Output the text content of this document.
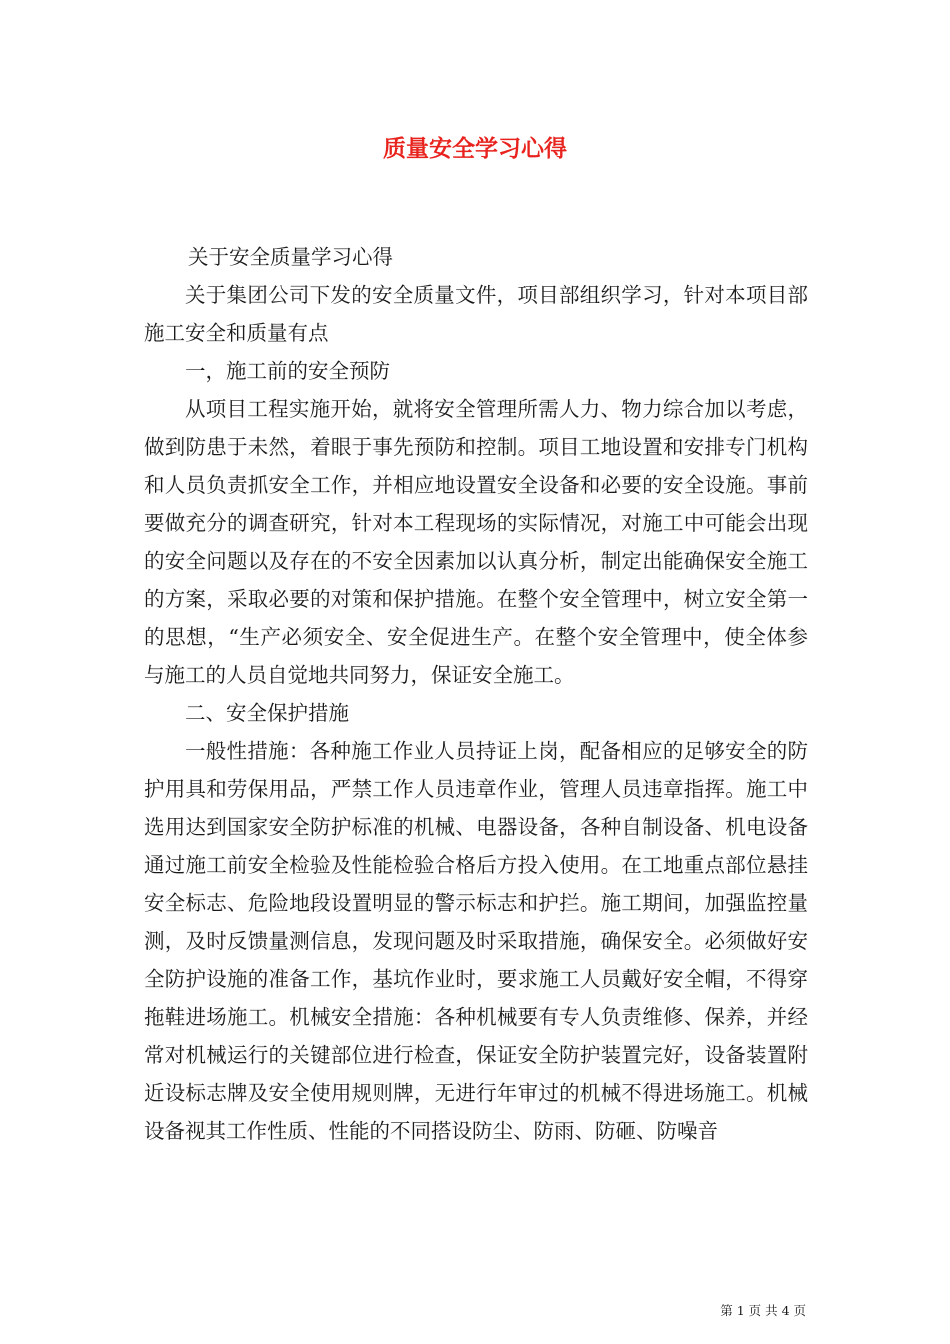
质量安全学习心得

关于安全质量学习心得

关于集团公司下发的安全质量文件，项目部组织学习，针对本项目部施工安全和质量有点

一，施工前的安全预防

从项目工程实施开始，就将安全管理所需人力、物力综合加以考虑，做到防患于未然，着眼于事先预防和控制。项目工地设置和安排专门机构和人员负责抓安全工作，并相应地设置安全设备和必要的安全设施。事前要做充分的调查研究，针对本工程现场的实际情况，对施工中可能会出现的安全问题以及存在的不安全因素加以认真分析，制定出能确保安全施工的方案，采取必要的对策和保护措施。在整个安全管理中，树立安全第一的思想，“生产必须安全、安全促进生产。在整个安全管理中，使全体参与施工的人员自觉地共同努力，保证安全施工。

二、安全保护措施

一般性措施：各种施工作业人员持证上岗，配备相应的足够安全的防护用具和劳保用品，严禁工作人员违章作业，管理人员违章指挥。施工中选用达到国家安全防护标准的机械、电器设备，各种自制设备、机电设备通过施工前安全检验及性能检验合格后方投入使用。在工地重点部位悬挂安全标志、危险地段设置明显的警示标志和护拦。施工期间，加强监控量测，及时反馈量测信息，发现问题及时采取措施，确保安全。必须做好安全防护设施的准备工作，基坑作业时，要求施工人员戴好安全帽，不得穿拖鞋进场施工。机械安全措施：各种机械要有专人负责维修、保养，并经常对机械运行的关键部位进行检查，保证安全防护装置完好，设备装置附近设标志牌及安全使用规则牌，无进行年审过的机械不得进场施工。机械设备视其工作性质、性能的不同搭设防尘、防雨、防砸、防噪音

第 1 页 共 4 页
